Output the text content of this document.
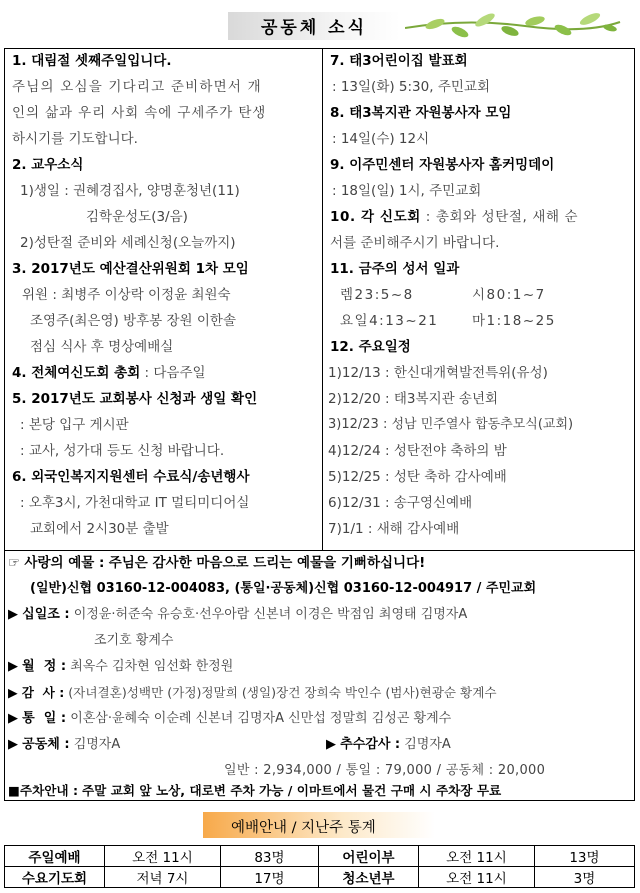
공동체 소식
1. 대림절 셋째주일입니다.
주님의 오심을 기다리고 준비하면서 개
인의 삶과 우리 사회 속에 구세주가 탄생
하시기를 기도합니다.
2. 교우소식
1)생일 : 권혜경집사, 양명훈청년(11)
김학운성도(3/음)
2)성탄절 준비와 세례신청(오늘까지)
3. 2017년도 예산결산위원회 1차 모임
위원 : 최병주 이상락 이정윤 최원숙
조영주(최은영) 방후봉 장원 이한솔
점심 식사 후 명상예배실
4. 전체여신도회 총회 : 다음주일
5. 2017년도 교회봉사 신청과 생일 확인
: 본당 입구 게시판
: 교사, 성가대 등도 신청 바랍니다.
6. 외국인복지지원센터 수료식/송년행사
: 오후3시, 가천대학교 IT 멀티미디어실
교회에서 2시30분 출발
7. 태3어린이집 발표회
: 13일(화) 5:30, 주민교회
8. 태3복지관 자원봉사자 모임
: 14일(수) 12시
9. 이주민센터 자원봉사자 홈커밍데이
: 18일(일) 1시, 주민교회
10. 각 신도회 : 총회와 성탄절, 새해 순
서를 준비해주시기 바랍니다.
11. 금주의 성서 일과
렘23:5~8	시80:1~7
요일4:13~21 마1:18~25
12. 주요일정
1)12/13 : 한신대개혁발전특위(유성)
2)12/20 : 태3복지관 송년회
3)12/23 : 성남 민주열사 합동추모식(교회)
4)12/24 : 성탄전야 축하의 밤
5)12/25 : 성탄 축하 감사예배
6)12/31 : 송구영신예배
7)1/1 : 새해 감사예배
☞ 사랑의 예물 : 주님은 감사한 마음으로 드리는 예물을 기뻐하십니다!
(일반)신협 03160-12-004083, (통일·공동체)신협 03160-12-004917 / 주민교회
▶ 십일조 : 이정윤·허준숙 유승호·선우아람 신본녀 이경은 박점임 최영태 김명자A
조기호 황계수
▶ 월  정 : 최옥수 김차현 임선화 한정원
▶ 감  사 : (자녀결혼)성백만 (가정)정말희 (생일)장건 장희숙 박인수 (범사)현광순 황계수
▶ 통  일 : 이혼삼·윤혜숙 이순례 신본녀 김명자A 신만섭 정말희 김성곤 황계수
▶ 공동체 : 김명자A	▶ 추수감사 : 김명자A
일반 : 2,934,000 / 통일 : 79,000 / 공동체 : 20,000
■주차안내 : 주말 교회 앞 노상, 대로변 주차 가능 / 이마트에서 물건 구매 시 주차장 무료
예배안내 / 지난주 통계
주일예배	오전 11시	83명	어린이부	오전 11시	13명
수요기도회	저녁 7시	17명	청소년부	오전 11시	3명
